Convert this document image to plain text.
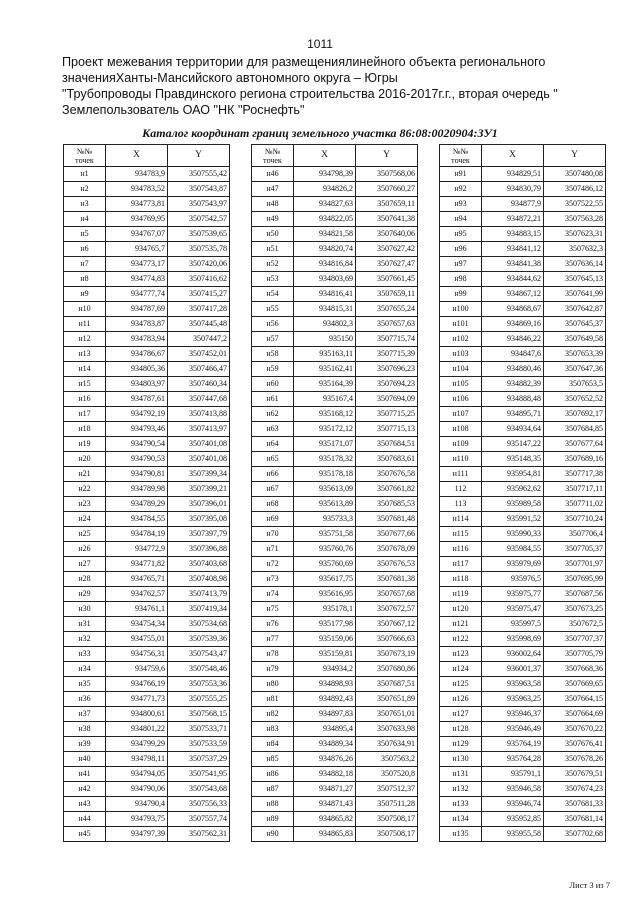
1011
Проект межевания территории для размещениялинейного объекта регионального
значенияХанты-Мансийского автономного округа – Югры
"Трубопроводы Правдинского региона строительства 2016-2017г.г., вторая очередь "
Землепользователь ОАО "НК "Роснефть"
Каталог координат границ земельного участка 86:08:0020904:ЗУ1
№№
точек	X	Y
н1	934783,9	3507555,42
н2	934783,52	3507543,87
н3	934773,81	3507543,97
н4	934769,95	3507542,57
н5	934767,07	3507539,65
н6	934765,7	3507535,78
н7	934773,17	3507420,06
н8	934774,83	3507416,62
н9	934777,74	3507415,27
н10	934787,69	3507417,28
н11	934783,87	3507445,48
н12	934783,94	3507447,2
н13	934786,67	3507452,01
н14	934805,36	3507466,47
н15	934803,97	3507460,34
н16	934787,61	3507447,68
н17	934792,19	3507413,88
н18	934793,46	3507413,97
н19	934790,54	3507401,08
н20	934790,53	3507401,08
н21	934790,81	3507399,34
н22	934789,98	3507399,21
н23	934789,29	3507396,01
н24	934784,55	3507395,08
н25	934784,19	3507397,79
н26	934772,9	3507396,88
н27	934771,82	3507403,68
н28	934765,71	3507408,98
н29	934762,57	3507413,79
н30	934761,1	3507419,34
н31	934754,34	3507534,68
н32	934755,01	3507539,36
н33	934756,31	3507543,47
н34	934759,6	3507548,46
н35	934766,19	3507553,36
н36	934771,73	3507555,25
н37	934800,61	3507568,15
н38	934801,22	3507533,71
н39	934799,29	3507533,59
н40	934798,11	3507537,29
н41	934794,05	3507541,95
н42	934790,06	3507543,68
н43	934790,4	3507556,33
н44	934793,75	3507557,74
н45	934797,39	3507562,31
№№
точек	X	Y
н46	934798,39	3507568,06
н47	934826,2	3507660,27
н48	934827,63	3507659,11
н49	934822,05	3507641,38
н50	934821,58	3507640,06
н51	934820,74	3507627,42
н52	934816,84	3507627,47
н53	934803,69	3507661,45
н54	934816,41	3507659,11
н55	934815,31	3507655,24
н56	934802,3	3507657,63
н57	935150	3507715,74
н58	935163,11	3507715,39
н59	935162,41	3507696,23
н60	935164,39	3507694,23
н61	935167,4	3507694,09
н62	935168,12	3507715,25
н63	935172,12	3507715,13
н64	935171,07	3507684,51
н65	935178,32	3507683,61
н66	935178,18	3507676,58
н67	935613,09	3507661,82
н68	935613,89	3507685,53
н69	935733,3	3507681,48
н70	935751,58	3507677,66
н71	935760,76	3507678,09
н72	935760,69	3507676,53
н73	935617,75	3507681,38
н74	935616,95	3507657,68
н75	935178,1	3507672,57
н76	935177,98	3507667,12
н77	935159,06	3507666,63
н78	935159,81	3507673,19
н79	934934,2	3507680,86
н80	934898,93	3507687,51
н81	934892,43	3507651,89
н82	934897,83	3507651,01
н83	934895,4	3507633,98
н84	934889,34	3507634,91
н85	934876,26	3507563,2
н86	934882,18	3507520,8
н87	934871,27	3507512,37
н88	934871,43	3507511,28
н89	934865,82	3507508,17
н90	934865,83	3507508,17
№№
точек	X	Y
н91	934829,51	3507480,08
н92	934830,79	3507486,12
н93	934877,9	3507522,55
н94	934872,21	3507563,28
н95	934883,15	3507623,31
н96	934841,12	3507632,3
н97	934841,38	3507636,14
н98	934844,62	3507645,13
н99	934867,12	3507641,99
н100	934868,67	3507642,87
н101	934869,16	3507645,37
н102	934846,22	3507649,58
н103	934847,6	3507653,39
н104	934880,46	3507647,36
н105	934882,39	3507653,5
н106	934888,48	3507652,52
н107	934895,71	3507692,17
н108	934934,64	3507684,85
н109	935147,22	3507677,64
н110	935148,35	3507689,16
н111	935954,81	3507717,38
112	935962,62	3507717,11
113	935989,58	3507711,02
н114	935991,52	3507710,24
н115	935990,33	3507706,4
н116	935984,55	3507705,37
н117	935979,69	3507701,97
н118	935976,5	3507695,99
н119	935975,77	3507687,56
н120	935975,47	3507673,25
н121	935997,5	3507672,5
н122	935998,69	3507707,37
н123	936002,64	3507705,79
н124	936001,37	3507668,36
н125	935963,58	3507669,65
н126	935963,25	3507664,15
н127	935946,37	3507664,69
н128	935946,49	3507670,22
н129	935764,19	3507676,41
н130	935764,28	3507678,26
н131	935791,1	3507679,51
н132	935946,58	3507674,23
н133	935946,74	3507681,33
н134	935952,85	3507681,14
н135	935955,58	3507702,68
Лист 3 из 7
